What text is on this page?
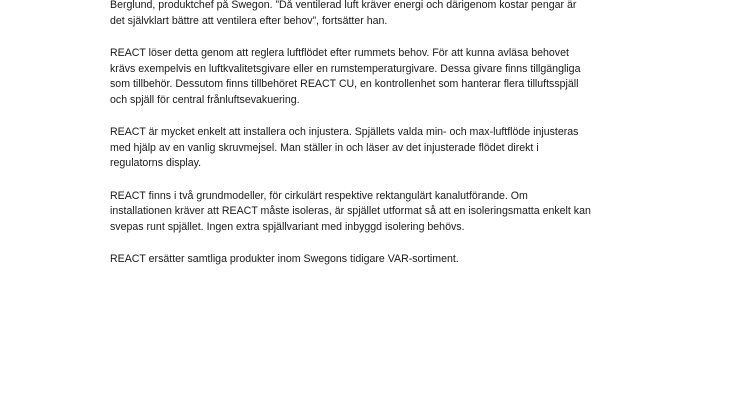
Berglund, produktchef på Swegon. ”Då ventilerad luft kräver energi och därigenom kostar pengar är
det självklart bättre att ventilera efter behov”, fortsätter han.

REACT löser detta genom att reglera luftflödet efter rummets behov. För att kunna avläsa behovet
krävs exempelvis en luftkvalitetsgivare eller en rumstemperaturgivare. Dessa givare finns tillgängliga
som tillbehör. Dessutom finns tillbehöret REACT CU, en kontrollenhet som hanterar flera tilluftsspjäll
och spjäll för central frånluftsevakuering.

REACT är mycket enkelt att installera och injustera. Spjällets valda min- och max-luftflöde injusteras
med hjälp av en vanlig skruvmejsel. Man ställer in och läser av det injusterade flödet direkt i
regulatorns display.

REACT finns i två grundmodeller, för cirkulärt respektive rektangulärt kanalutförande. Om
installationen kräver att REACT måste isoleras, är spjället utformat så att en isoleringsmatta enkelt kan
svepas runt spjället. Ingen extra spjällvariant med inbyggd isolering behövs.

REACT ersätter samtliga produkter inom Swegons tidigare VAR-sortiment.
